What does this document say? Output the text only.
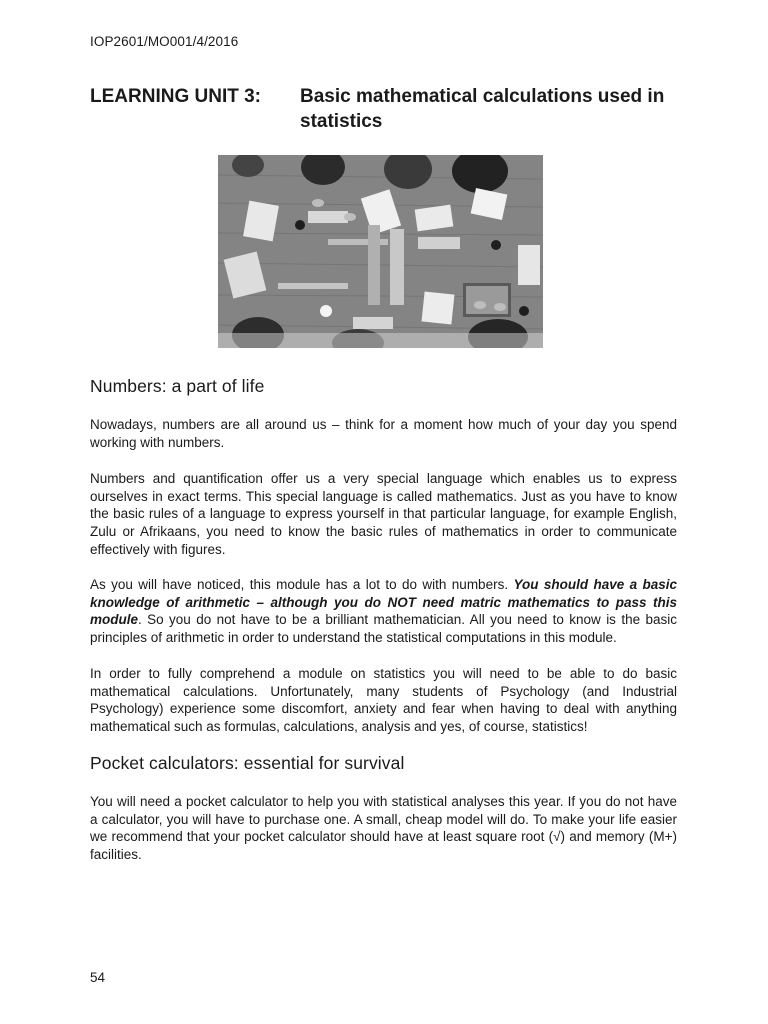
IOP2601/MO001/4/2016
LEARNING UNIT 3: Basic mathematical calculations used in statistics
Numbers: a part of life

Nowadays, numbers are all around us – think for a moment how much of your day you spend working with numbers.

Numbers and quantification offer us a very special language which enables us to express ourselves in exact terms. This special language is called mathematics. Just as you have to know the basic rules of a language to express yourself in that particular language, for example English, Zulu or Afrikaans, you need to know the basic rules of mathematics in order to communicate effectively with figures.

As you will have noticed, this module has a lot to do with numbers. You should have a basic knowledge of arithmetic – although you do NOT need matric mathematics to pass this module. So you do not have to be a brilliant mathematician. All you need to know is the basic principles of arithmetic in order to understand the statistical computations in this module.

In order to fully comprehend a module on statistics you will need to be able to do basic mathematical calculations. Unfortunately, many students of Psychology (and Industrial Psychology) experience some discomfort, anxiety and fear when having to deal with anything mathematical such as formulas, calculations, analysis and yes, of course, statistics!

Pocket calculators: essential for survival

You will need a pocket calculator to help you with statistical analyses this year. If you do not have a calculator, you will have to purchase one. A small, cheap model will do. To make your life easier we recommend that your pocket calculator should have at least square root (√) and memory (M+) facilities.

54
